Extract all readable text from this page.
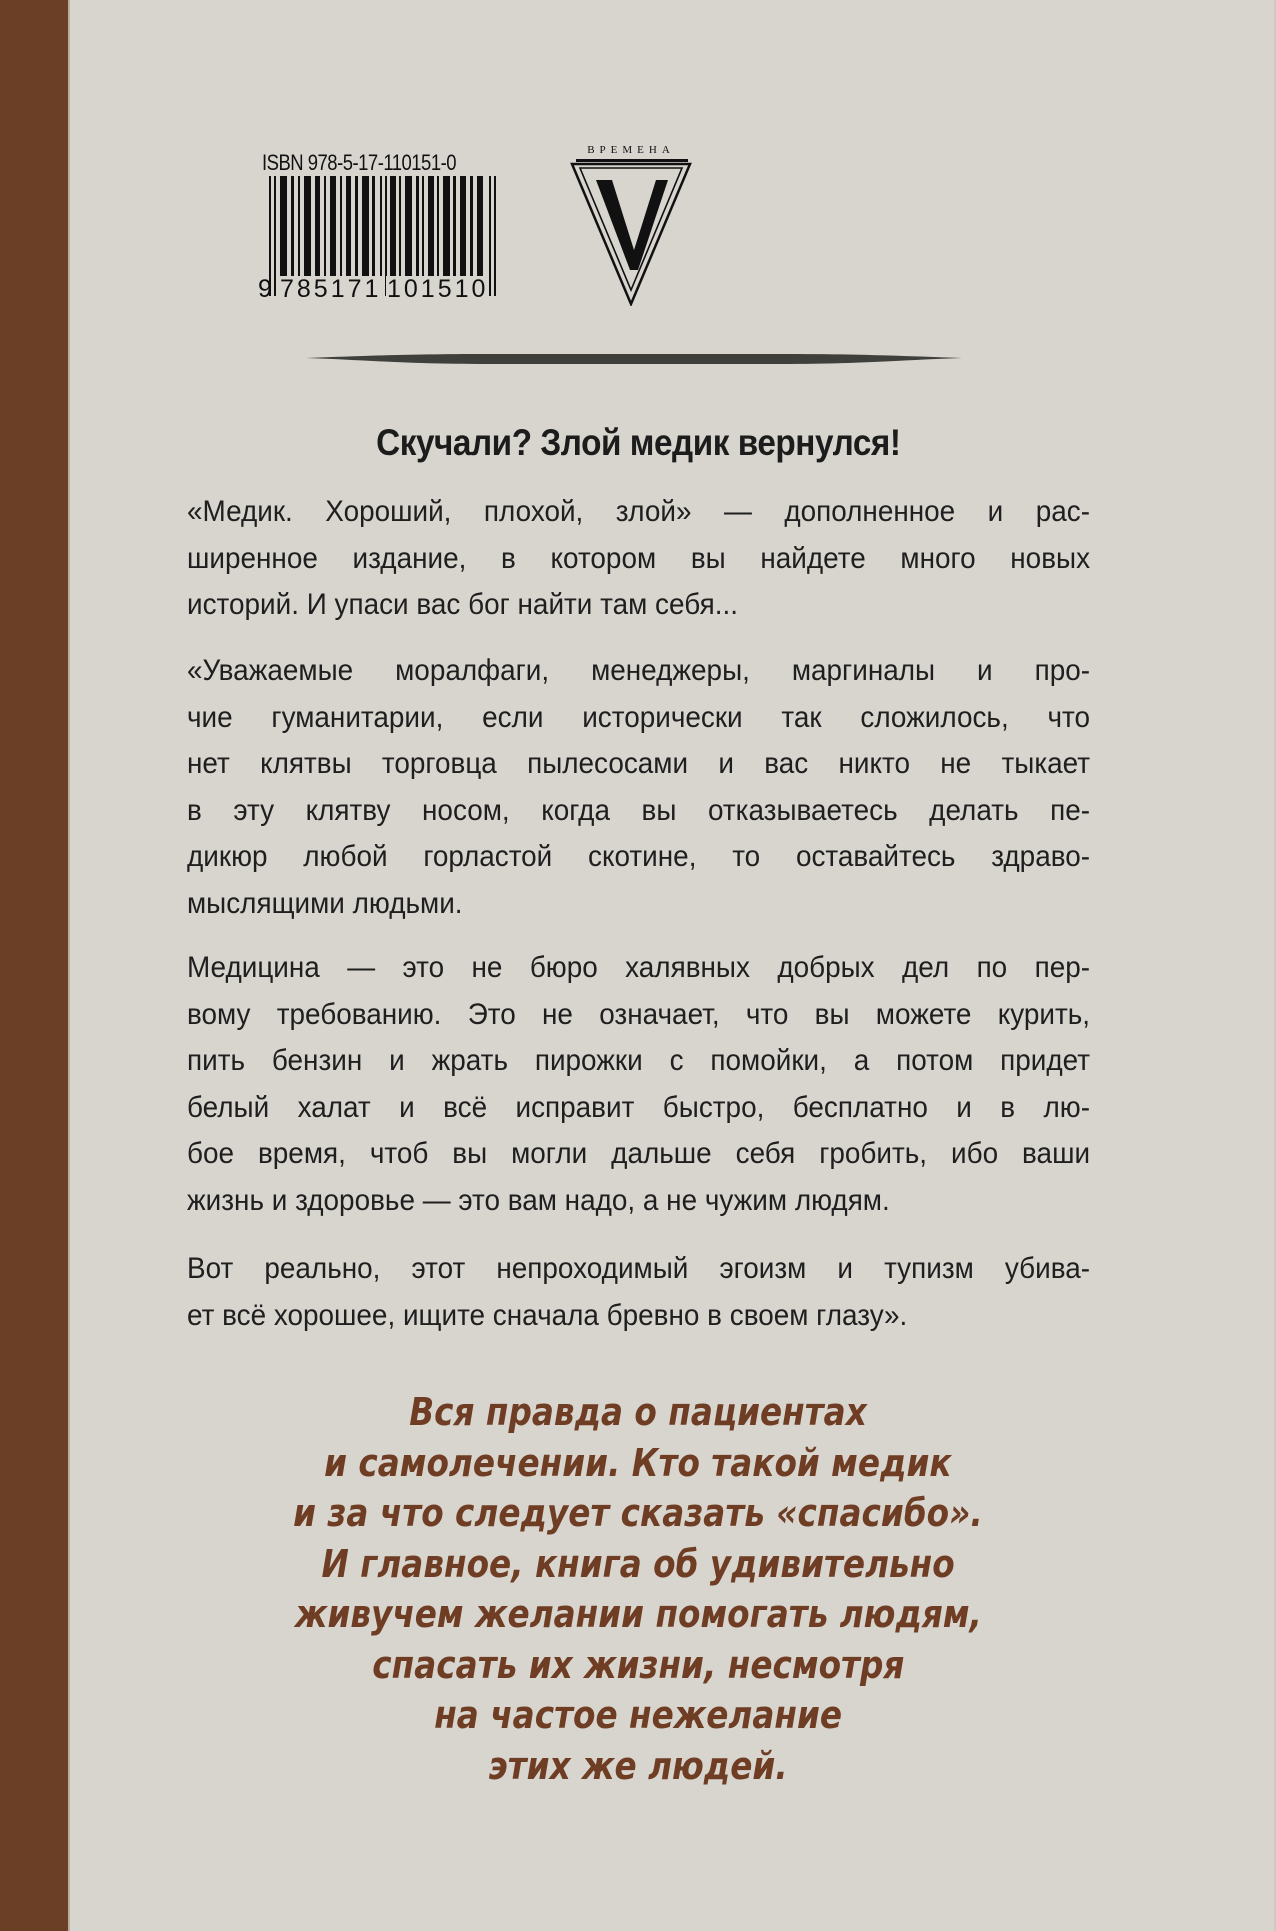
ISBN 978-5-17-110151-0
9 785171 101510
ВРЕМЕНА
Скучали? Злой медик вернулся!
«Медик. Хороший, плохой, злой» — дополненное и рас-
ширенное издание, в котором вы найдете много новых
историй. И упаси вас бог найти там себя...
«Уважаемые моралфаги, менеджеры, маргиналы и про-
чие гуманитарии, если исторически так сложилось, что
нет клятвы торговца пылесосами и вас никто не тыкает
в эту клятву носом, когда вы отказываетесь делать пе-
дикюр любой горластой скотине, то оставайтесь здраво-
мыслящими людьми.
Медицина — это не бюро халявных добрых дел по пер-
вому требованию. Это не означает, что вы можете курить,
пить бензин и жрать пирожки с помойки, а потом придет
белый халат и всё исправит быстро, бесплатно и в лю-
бое время, чтоб вы могли дальше себя гробить, ибо ваши
жизнь и здоровье — это вам надо, а не чужим людям.
Вот реально, этот непроходимый эгоизм и тупизм убива-
ет всё хорошее, ищите сначала бревно в своем глазу».
Вся правда о пациентах
и самолечении. Кто такой медик
и за что следует сказать «спасибо».
И главное, книга об удивительно
живучем желании помогать людям,
спасать их жизни, несмотря
на частое нежелание
этих же людей.
